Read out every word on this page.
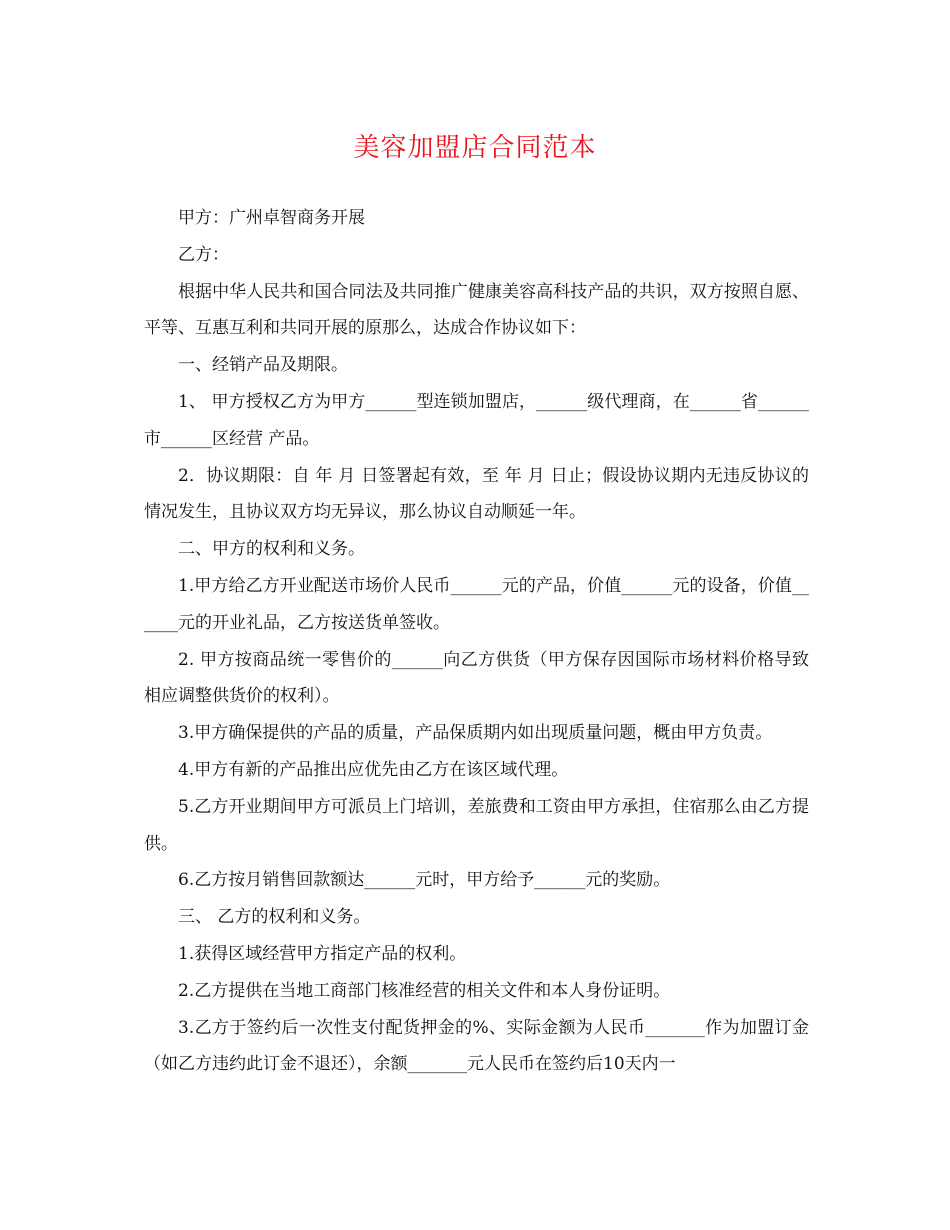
美容加盟店合同范本

甲方：广州卓智商务开展

乙方：

根据中华人民共和国合同法及共同推广健康美容高科技产品的共识，双方按照自愿、平等、互惠互利和共同开展的原那么，达成合作协议如下：

一、经销产品及期限。

1、 甲方授权乙方为甲方______型连锁加盟店，______级代理商，在______省______市______区经营 产品。

2．协议期限：自 年 月 日签署起有效，至 年 月 日止；假设协议期内无违反协议的情况发生，且协议双方均无异议，那么协议自动顺延一年。

二、甲方的权利和义务。

1.甲方给乙方开业配送市场价人民币______元的产品，价值______元的设备，价值______元的开业礼品，乙方按送货单签收。

2. 甲方按商品统一零售价的______向乙方供货（甲方保存因国际市场材料价格导致相应调整供货价的权利）。

3.甲方确保提供的产品的质量，产品保质期内如出现质量问题，概由甲方负责。

4.甲方有新的产品推出应优先由乙方在该区域代理。

5.乙方开业期间甲方可派员上门培训，差旅费和工资由甲方承担，住宿那么由乙方提供。

6.乙方按月销售回款额达______元时，甲方给予______元的奖励。

三、 乙方的权利和义务。

1.获得区域经营甲方指定产品的权利。

2.乙方提供在当地工商部门核准经营的相关文件和本人身份证明。

3.乙方于签约后一次性支付配货押金的%、实际金额为人民币_______作为加盟订金（如乙方违约此订金不退还），余额_______元人民币在签约后10天内一
